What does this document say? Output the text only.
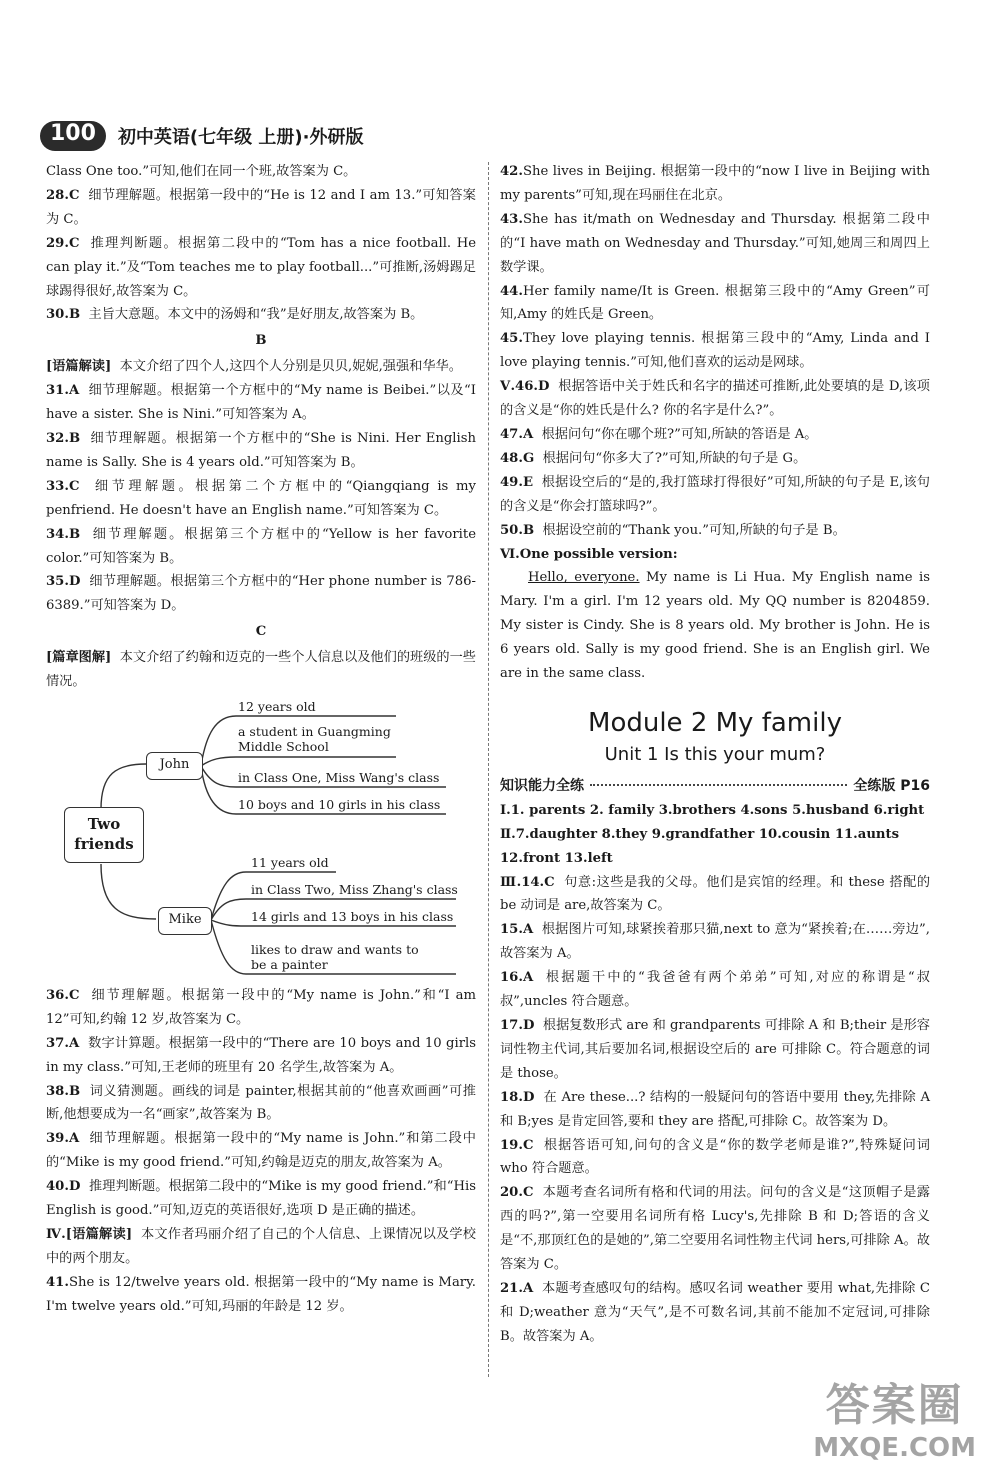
100	初中英语(七年级 上册)·外研版

Class One too.”可知,他们在同一个班,故答案为 C。

28.C 细节理解题。根据第一段中的“He is 12 and I am 13.”可知答案为 C。

29.C 推理判断题。根据第二段中的“Tom has a nice football. He can play it.”及“Tom teaches me to play football...”可推断,汤姆踢足球踢得很好,故答案为 C。

30.B 主旨大意题。本文中的汤姆和“我”是好朋友,故答案为 B。

B

[语篇解读] 本文介绍了四个人,这四个人分别是贝贝,妮妮,强强和华华。

31.A 细节理解题。根据第一个方框中的“My name is Beibei.”以及“I have a sister. She is Nini.”可知答案为 A。

32.B 细节理解题。根据第一个方框中的“She is Nini. Her English name is Sally. She is 4 years old.”可知答案为 B。

33.C 细节理解题。根据第二个方框中的“Qiangqiang is my penfriend. He doesn't have an English name.”可知答案为 C。

34.B 细节理解题。根据第三个方框中的“Yellow is her favorite color.”可知答案为 B。

35.D 细节理解题。根据第三个方框中的“Her phone number is 786-6389.”可知答案为 D。

C

[篇章图解] 本文介绍了约翰和迈克的一些个人信息以及他们的班级的一些情况。

Two friends
John
Mike
12 years old
a student in Guangming Middle School
in Class One, Miss Wang's class
10 boys and 10 girls in his class
11 years old
in Class Two, Miss Zhang's class
14 girls and 13 boys in his class
likes to draw and wants to be a painter

36.C 细节理解题。根据第一段中的“My name is John.”和“I am 12”可知,约翰 12 岁,故答案为 C。

37.A 数字计算题。根据第一段中的“There are 10 boys and 10 girls in my class.”可知,王老师的班里有 20 名学生,故答案为 A。

38.B 词义猜测题。画线的词是 painter,根据其前的“他喜欢画画”可推断,他想要成为一名“画家”,故答案为 B。

39.A 细节理解题。根据第一段中的“My name is John.”和第二段中的“Mike is my good friend.”可知,约翰是迈克的朋友,故答案为 A。

40.D 推理判断题。根据第二段中的“Mike is my good friend.”和“His English is good.”可知,迈克的英语很好,选项 D 是正确的描述。

Ⅳ.[语篇解读] 本文作者玛丽介绍了自己的个人信息、上课情况以及学校中的两个朋友。

41.She is 12/twelve years old. 根据第一段中的“My name is Mary. I'm twelve years old.”可知,玛丽的年龄是 12 岁。

42.She lives in Beijing. 根据第一段中的“now I live in Beijing with my parents”可知,现在玛丽住在北京。

43.She has it/math on Wednesday and Thursday. 根据第二段中的“I have math on Wednesday and Thursday.”可知,她周三和周四上数学课。

44.Her family name/It is Green. 根据第三段中的“Amy Green”可知,Amy 的姓氏是 Green。

45.They love playing tennis. 根据第三段中的“Amy, Linda and I love playing tennis.”可知,他们喜欢的运动是网球。

Ⅴ.46.D 根据答语中关于姓氏和名字的描述可推断,此处要填的是 D,该项的含义是“你的姓氏是什么? 你的名字是什么?”。

47.A 根据问句“你在哪个班?”可知,所缺的答语是 A。

48.G 根据问句“你多大了?”可知,所缺的句子是 G。

49.E 根据设空后的“是的,我打篮球打得很好”可知,所缺的句子是 E,该句的含义是“你会打篮球吗?”。

50.B 根据设空前的“Thank you.”可知,所缺的句子是 B。

Ⅵ.One possible version:

Hello, everyone. My name is Li Hua. My English name is Mary. I'm a girl. I'm 12 years old. My QQ number is 8204859. My sister is Cindy. She is 8 years old. My brother is John. He is 6 years old. Sally is my good friend. She is an English girl. We are in the same class.

Module 2 My family
Unit 1 Is this your mum?
知识能力全练	全练版 P16

Ⅰ.1. parents 2. family 3.brothers 4.sons 5.husband 6.right

Ⅱ.7.daughter 8.they 9.grandfather 10.cousin 11.aunts

12.front 13.left

Ⅲ.14.C 句意:这些是我的父母。他们是宾馆的经理。和 these 搭配的 be 动词是 are,故答案为 C。

15.A 根据图片可知,球紧挨着那只猫,next to 意为“紧挨着;在……旁边”,故答案为 A。

16.A 根据题干中的“我爸爸有两个弟弟”可知,对应的称谓是“叔叔”,uncles 符合题意。

17.D 根据复数形式 are 和 grandparents 可排除 A 和 B;their 是形容词性物主代词,其后要加名词,根据设空后的 are 可排除 C。符合题意的词是 those。

18.D 在 Are these...? 结构的一般疑问句的答语中要用 they,先排除 A 和 B;yes 是肯定回答,要和 they are 搭配,可排除 C。故答案为 D。

19.C 根据答语可知,问句的含义是“你的数学老师是谁?”,特殊疑问词 who 符合题意。

20.C 本题考查名词所有格和代词的用法。问句的含义是“这顶帽子是露西的吗?”,第一空要用名词所有格 Lucy's,先排除 B 和 D;答语的含义是“不,那顶红色的是她的”,第二空要用名词性物主代词 hers,可排除 A。故答案为 C。

21.A 本题考查感叹句的结构。感叹名词 weather 要用 what,先排除 C 和 D;weather 意为“天气”,是不可数名词,其前不能加不定冠词,可排除 B。故答案为 A。

答案圈
MXQE.COM
